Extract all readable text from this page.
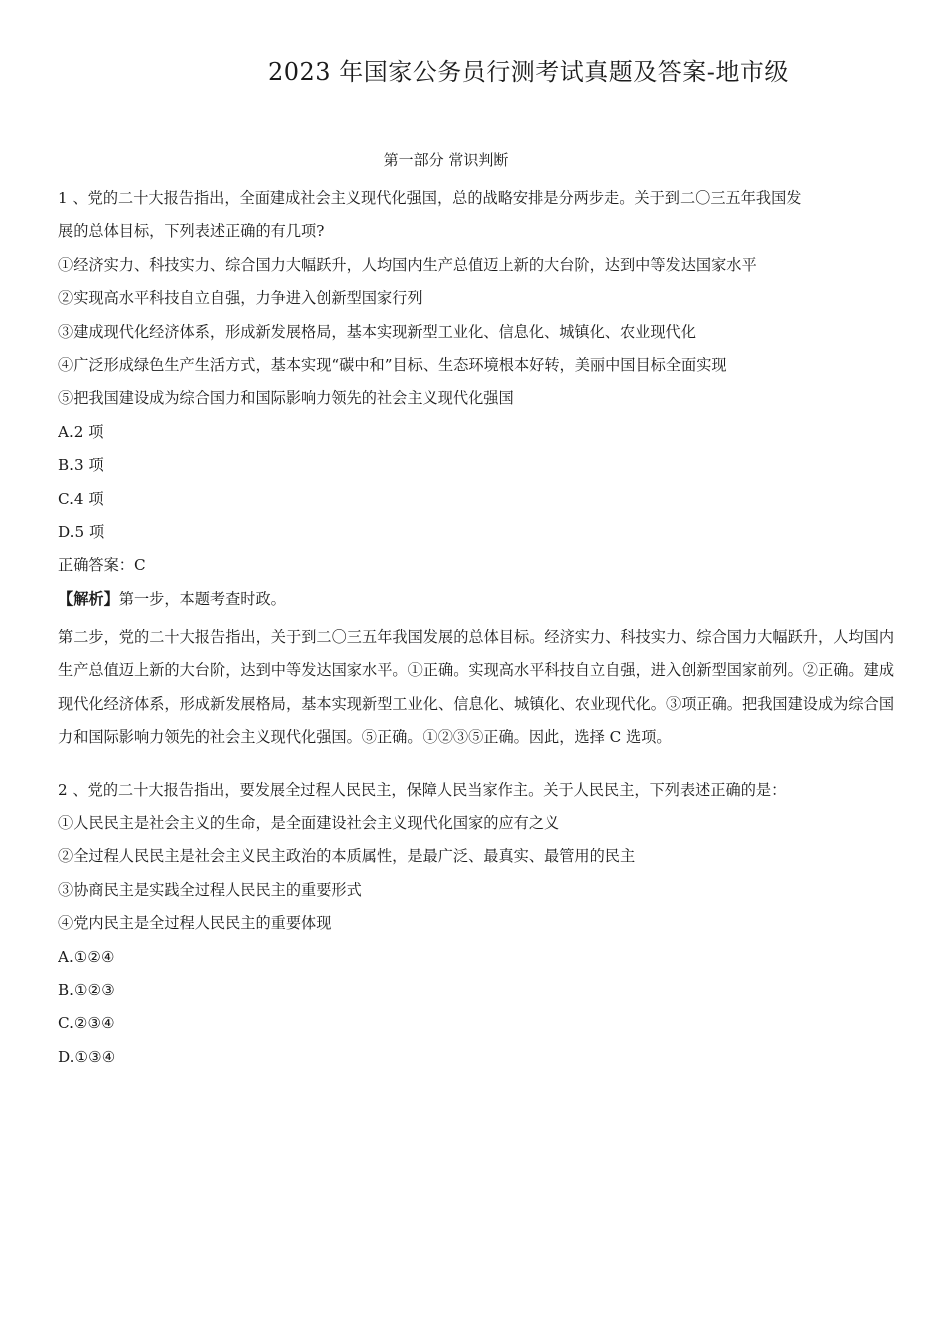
2023 年国家公务员行测考试真题及答案-地市级
第一部分 常识判断
1 、党的二十大报告指出，全面建成社会主义现代化强国，总的战略安排是分两步走。关于到二〇三五年我国发
展的总体目标，下列表述正确的有几项?
①经济实力、科技实力、综合国力大幅跃升，人均国内生产总值迈上新的大台阶，达到中等发达国家水平
②实现高水平科技自立自强，力争进入创新型国家行列
③建成现代化经济体系，形成新发展格局，基本实现新型工业化、信息化、城镇化、农业现代化
④广泛形成绿色生产生活方式，基本实现“碳中和”目标、生态环境根本好转，美丽中国目标全面实现
⑤把我国建设成为综合国力和国际影响力领先的社会主义现代化强国
A.2 项
B.3 项
C.4 项
D.5 项
正确答案：C
【解析】第一步，本题考查时政。
第二步，党的二十大报告指出，关于到二〇三五年我国发展的总体目标。经济实力、科技实力、综合国力大幅跃升，人均国内生产总值迈上新的大台阶，达到中等发达国家水平。①正确。实现高水平科技自立自强，进入创新型国家前列。②正确。建成现代化经济体系，形成新发展格局，基本实现新型工业化、信息化、城镇化、农业现代化。③项正确。把我国建设成为综合国力和国际影响力领先的社会主义现代化强国。⑤正确。①②③⑤正确。因此，选择 C 选项。
2 、党的二十大报告指出，要发展全过程人民民主，保障人民当家作主。关于人民民主，下列表述正确的是：
①人民民主是社会主义的生命，是全面建设社会主义现代化国家的应有之义
②全过程人民民主是社会主义民主政治的本质属性，是最广泛、最真实、最管用的民主
③协商民主是实践全过程人民民主的重要形式
④党内民主是全过程人民民主的重要体现
A.①②④
B.①②③
C.②③④
D.①③④
